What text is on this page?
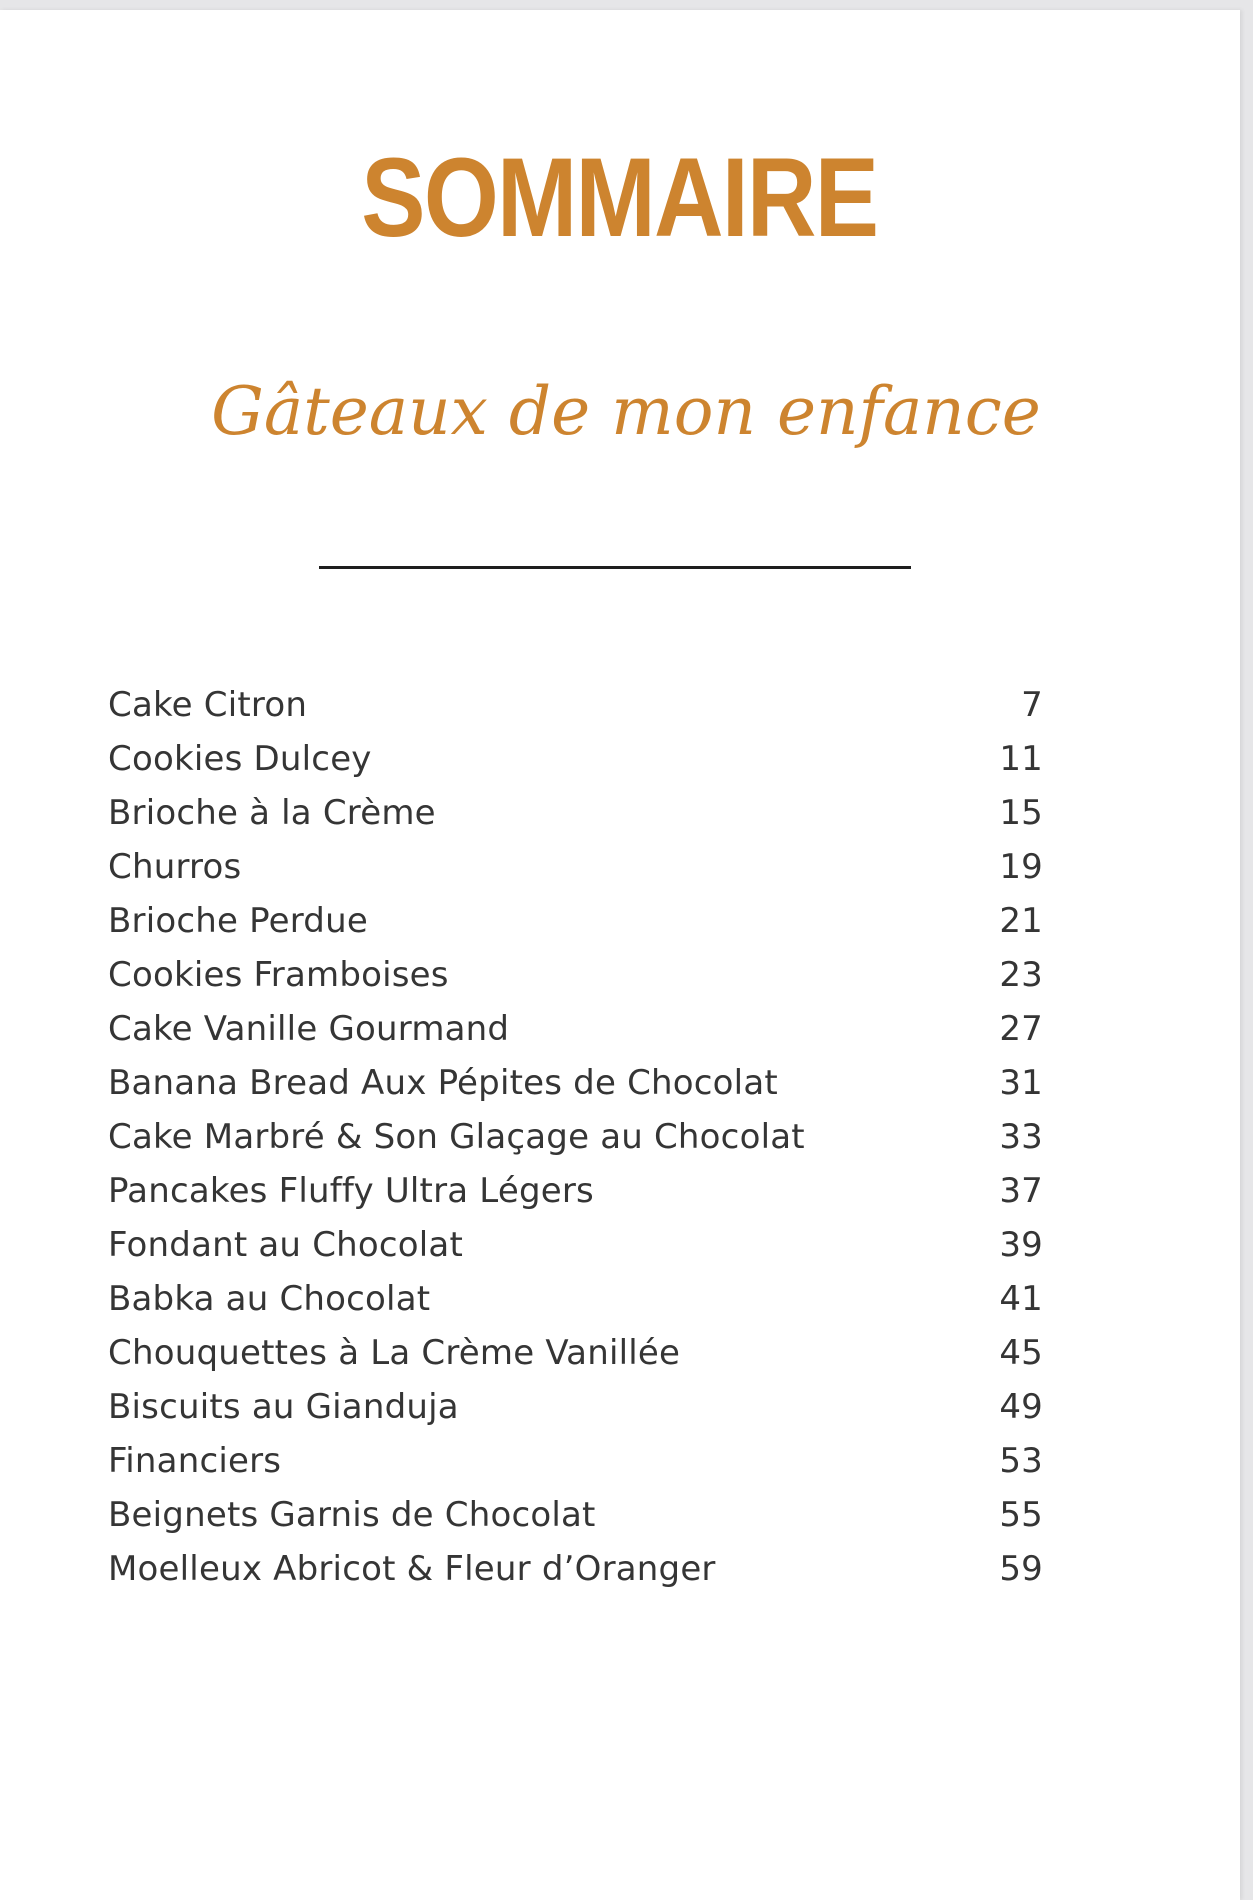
SOMMAIRE
Gâteaux de mon enfance
Cake Citron	7
Cookies Dulcey	11
Brioche à la Crème	15
Churros	19
Brioche Perdue	21
Cookies Framboises	23
Cake Vanille Gourmand	27
Banana Bread Aux Pépites de Chocolat	31
Cake Marbré & Son Glaçage au Chocolat	33
Pancakes Fluffy Ultra Légers	37
Fondant au Chocolat	39
Babka au Chocolat	41
Chouquettes à La Crème Vanillée	45
Biscuits au Gianduja	49
Financiers	53
Beignets Garnis de Chocolat	55
Moelleux Abricot & Fleur d’Oranger	59
